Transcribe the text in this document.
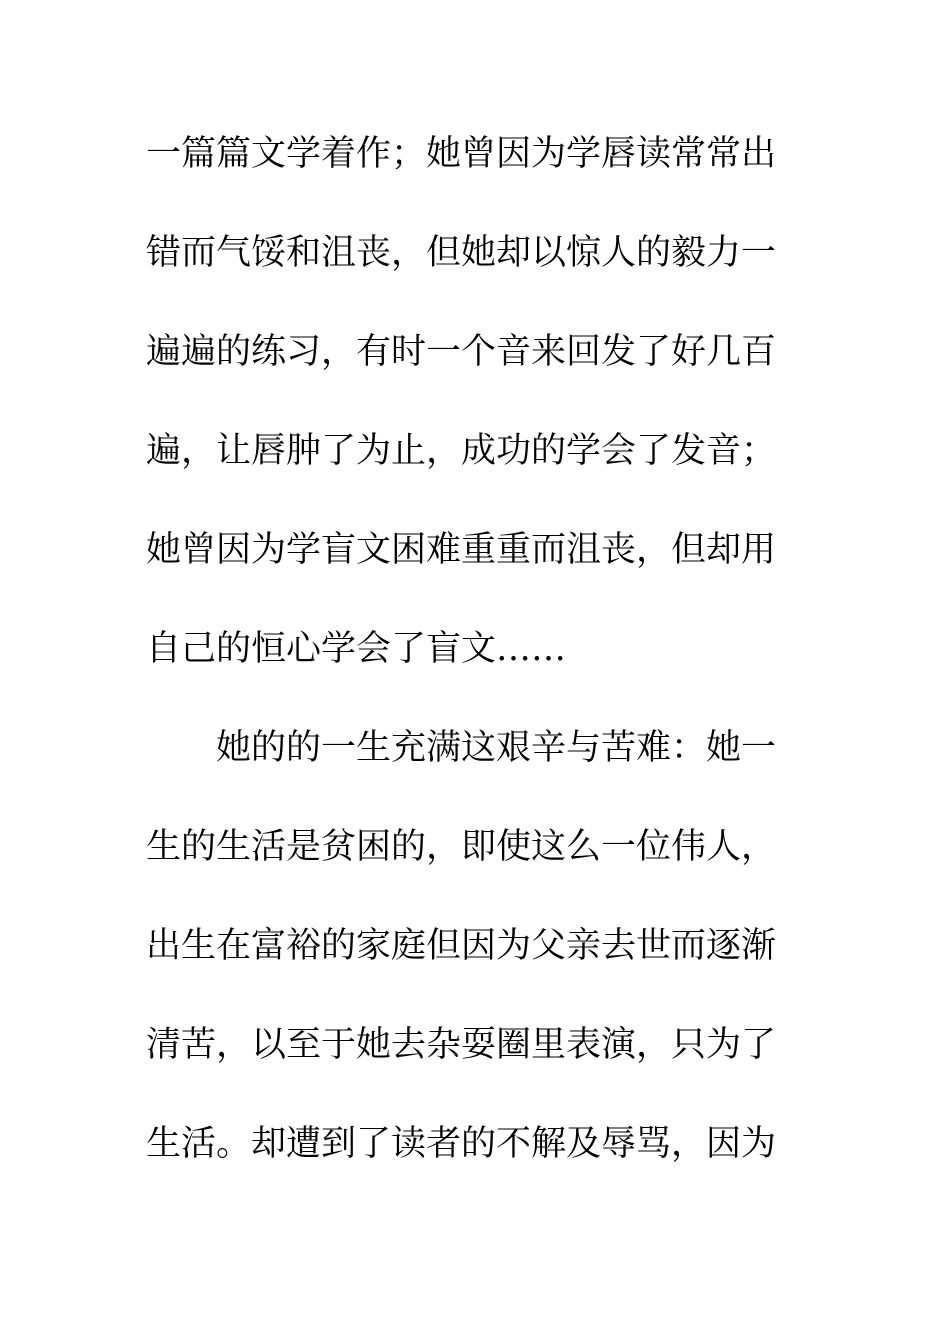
一篇篇文学着作；她曾因为学唇读常常出
错而气馁和沮丧，但她却以惊人的毅力一
遍遍的练习，有时一个音来回发了好几百
遍，让唇肿了为止，成功的学会了发音；
她曾因为学盲文困难重重而沮丧，但却用
自己的恒心学会了盲文……
她的的一生充满这艰辛与苦难：她一
生的生活是贫困的，即使这么一位伟人，
出生在富裕的家庭但因为父亲去世而逐渐
清苦，以至于她去杂耍圈里表演，只为了
生活。却遭到了读者的不解及辱骂，因为
